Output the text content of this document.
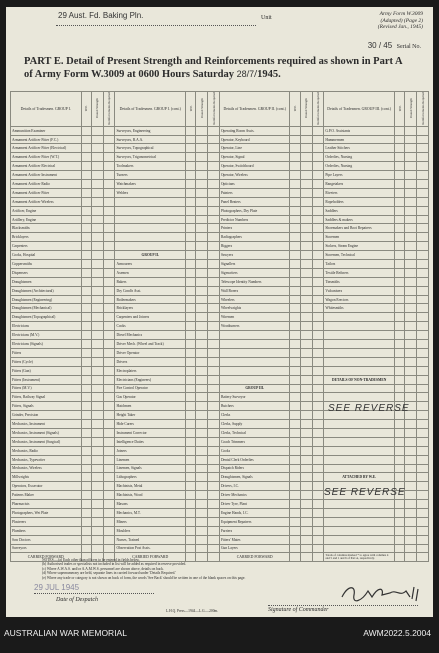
29 Aust. Fd. Baking Pln.	Unit
Army Form W.3009
(Adapted) (Page 2)
(Revised Jan., 1945)
30 / 45 Serial No.
PART E. Detail of Present Strength and Reinforcements required as shown in Part A of Army Form W.3009 at 0600 Hours Saturday 28/7/1945.
Details of Tradesmen. GROUP I.	W.E.	Posted Strength	Reinforcements Required	Details of Tradesmen. GROUP I. (cont.)	W.E.	Posted Strength	Reinforcements Required	Details of Tradesmen. GROUP II. (cont.)	W.E.	Posted Strength	Reinforcements Required	Details of Tradesmen. GROUP III. (cont.)	W.E.	Posted Strength	Reinforcements Required
Ammunition Examiner				Surveyors, Engineering				Operating Room Assts.				G.P.O. Assistants			
Armament Artificer Fitter (F.C.)				Surveyors, R.A.A.				Operator, Keyboard				Hammermen			
Armament Artificer Fitter (Electrical)				Surveyors, Topographical				Operator, Line				Leather Stitchers			
Armament Artificer Fitter (W.T.)				Surveyors, Trigonometrical				Operator, Signal				Orderlies, Nursing			
Armament Artificer Electrical				Toolmakers				Operator, Switchboard				Orderlies, Nursing			
Armament Artificer Instrument				Turners				Operator, Wireless				Pipe Layers			
Armament Artificer Radio				Watchmakers				Opticians				Rangetakers			
Armament Artificer Fitter				Welders				Painters				Riveters			
Armament Artificer Wireless								Panel Beaters				Ropeholders			
Artificer, Engine								Photographers, Dry Plate				Saddlers			
Artillery, Engine								Predictor Numbers				Saddlers & makers			
Blacksmiths								Printers				Shoemakers and Boot Repairers			
Bricklayers								Radiographers				Storemen			
Carpenters								Riggers				Stokers, Steam Engine			
Cooks, Hospital				GROUP II.				Sawyers				Storemen, Technical			
Coppersmiths				Armourers				Signallers				Tailors			
Dispensers				Axemen				Signwriters				Textile Refiners			
Draughtsmen				Bakers				Telescope Identity Numbers				Tinsmiths			
Draughtsmen (Architectural)				Dry Cond'n Asst.				Wall Borers				Vulcanisers			
Draughtsmen (Engineering)				Boilermakers				Wheelers				Wagon Erectors			
Draughtsmen (Mechanical)				Bricklayers				Wheelwrights				Whitesmiths			
Draughtsmen (Topographical)				Carpenters and Joiners				Wiremen							
Electricians				Cooks				Woodturners							
Electricians (M.V.)				Diesel Mechanics											
Electricians (Signals)				Driver Mech. (Wheel and Track)											
Fitters				Driver Operator											
Fitters (Cycle)				Drivers											
Fitters (Gun)				Electroplaters											
Fitters (Instrument)				Electricians (Engineers)								DETAILS OF NON-TRADESMEN			
Fitters (M.V.)				Fire Control Operator				GROUP III.							
Fitters, Railway Signal				Gas Operator				Battery Surveyor							
Fitters, Signals				Hatchmen				Butchers							
Grinder, Precision				Height Taker				Clerks							
Mechanics, Instrument				Hide Curers				Clerks, Supply							
Mechanics, Instrument (Signals)				Instrument Corrector				Clerks, Technical							
Mechanics, Instrument (Surgical)				Intelligence Duties				Coach Trimmers							
Mechanics, Radio				Joiners				Cooks							
Mechanics, Typewriter				Linemen				Dental Clerk Orderlies							
Mechanics, Wireless				Linemen, Signals				Dispatch Riders							
Millwrights				Lithographers				Draughtsmen, Signals				ATTACHED BY W.E.			
Operators, Excavator				Machinists, Metal				Drivers, I.C.							
Patterns Maker				Machinists, Wood				Driver Mechanics							
Pharmacists				Masons				Driver Tyre, Plant							
Photographers, Wet Plate				Mechanics, M.T.				Engine Hands, I.C.							
Plasterers				Miners				Equipment Repairers							
Plumbers				Moulders				Farriers							
Saw Doctors				Nurses, Trained				Fitters' Mates							
Surveyors				Observation Post Assts.				Gun Layers							
CARRIED FORWARD				CARRIED FORWARD				CARRIED FORWARD				Totals of columns marked * to agree with columns 4 and 5 and 1 and 6 of Part A, respectively.			
SEE REVERSE
SEE REVERSE
NOTES.—(a) Each other than officers to be entered in fields below.
(b) Authorised trades or specialists not included in list will be added as required in reserve provided.
(c) Where A.W.A.S. and/or A.A.M.W.S. personnel are shown above, details on back.
(d) Where supernumerary are held, separate lines in carried forward under 'Details Required.'
(e) Where any trade or category is not shown on back of form, the words 'See Back' should be written in one of the blank spaces on this page.
29 JUL 1945
Date of Despatch
Signature of Commander
L.H.Q. Press—1944—L.G.—200m.
AUSTRALIAN WAR MEMORIAL	AWM2022.5.2004
